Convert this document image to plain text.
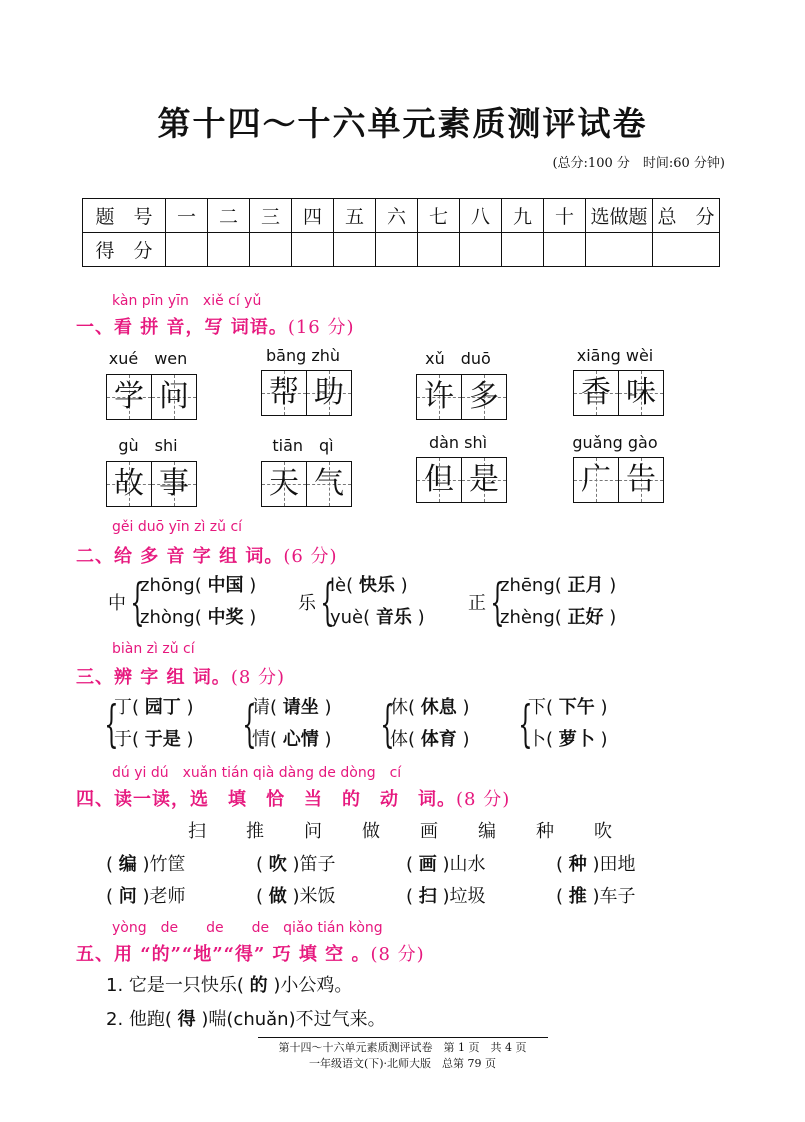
第十四～十六单元素质测评试卷
(总分:100 分　时间:60 分钟)
题　号	一	二	三	四	五	六	七	八	九	十	选做题	总　分
得　分												
kàn pīn yīn　xiě cí yǔ
一、看 拼 音，写 词语。(16 分)
xué　wen
学 问
bāng zhù
帮 助
xǔ　duō
许 多
xiāng wèi
香 味
gù　shi
故 事
tiān　qì
天 气
dàn shì
但 是
guǎng gào
广 告
gěi duō yīn zì zǔ cí
二、给 多 音 字 组 词。(6 分)
中 {
zhōng( 中国 )
zhòng( 中奖 )
乐 {
lè( 快乐 )
yuè( 音乐 )
正 {
zhēng( 正月 )
zhèng( 正好 )
biàn zì zǔ cí
三、辨 字 组 词。(8 分)
{
丁( 园丁 )
于( 于是 ) {
请( 请坐 )
情( 心情 ) {
休( 休息 )
体( 体育 ) {
下( 下午 )
卜( 萝卜 )
dú yi dú　xuǎn tián qià dàng de dòng　cí
四、读一读，选　填　恰　当　的　动　词。(8 分)
扫	推	问	做	画	编	种	吹
( 编 )竹筐	( 吹 )笛子	( 画 )山水	( 种 )田地
( 问 )老师	( 做 )米饭	( 扫 )垃圾	( 推 )车子
yòng　de　　de　　de　qiǎo tián kòng
五、用 “的”“地”“得” 巧 填 空 。(8 分)
1. 它是一只快乐( 的 )小公鸡。
2. 他跑( 得 )喘(chuǎn)不过气来。
第十四～十六单元素质测评试卷　第 1 页　共 4 页
一年级语文(下)·北师大版　总第 79 页
